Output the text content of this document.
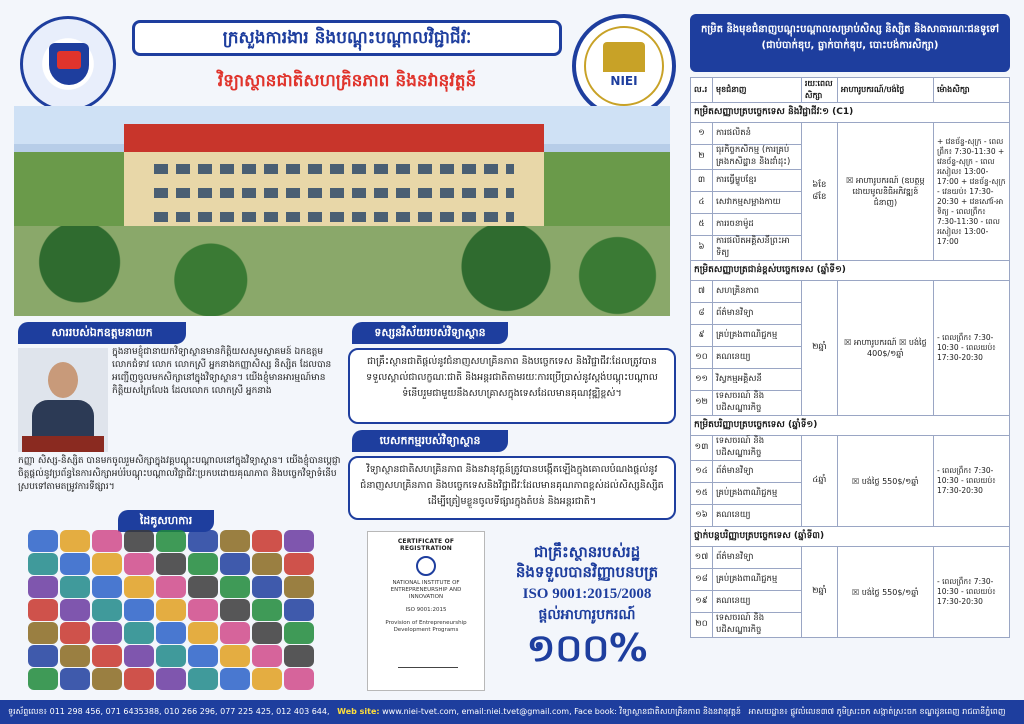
ក្រសួងការងារ និងបណ្តុះបណ្តាលវិជ្ជាជីវៈ
វិទ្យាស្ថានជាតិសហគ្រិនភាព និងនវានុវត្តន៍	NIEI
សាររបស់ឯកឧត្តមនាយក
ក្នុងនាមខ្ញុំជានាយកវិទ្យាស្ថានមានកិត្តិយសសូមស្វាគមន៍ ឯកឧត្តម លោកជំទាវ លោក លោកស្រី អ្នកនាងកញ្ញាសិស្ស និស្សិត ដែលបានអញ្ជើញចូលមកសិក្សានៅក្នុងវិទ្យាស្ថាន។ យើងខ្ញុំមានអារម្មណ៍មានកិត្តិយសក្រៃលែង ដែលលោក លោកស្រី អ្នកនាង
កញ្ញា សិស្ស-និស្សិត បានមកចូលរួមសិក្សាក្នុងវគ្គបណ្តុះបណ្តាលនៅក្នុងវិទ្យាស្ថាន។ យើងខ្ញុំបានប្តេជ្ញាចិត្តផ្តល់នូវប្រព័ន្ធនៃការសិក្សាអប់រំបណ្តុះបណ្តាលវិជ្ជាជីវៈប្រកបដោយគុណភាព និងបច្ចេកវិទ្យាទំនើបស្របទៅតាមតម្រូវការទីផ្សារ។
ទស្សនវិស័យរបស់វិទ្យាស្ថាន
ជាគ្រឹះស្ថានជាតិផ្តល់នូវជំនាញសហគ្រិនភាព និងបច្ចេកទេស និងវិជ្ជាជីវៈដែលត្រូវបានទទួលស្គាល់ជាលក្ខណៈជាតិ និងអន្តរជាតិតាមរយៈការប្រើប្រាស់នូវស្តង់បណ្តុះបណ្តាលទំនើបរួមជាមួយនឹងសហគ្រាសក្នុងទេសដែលមានគុណវុឌ្ឍិខ្ពស់។
បេសកកម្មរបស់វិទ្យាស្ថាន
វិទ្យាស្ថានជាតិសហគ្រិនភាព និងនវានុវត្តន៍ត្រូវបានបង្កើតឡើងក្នុងគោលបំណងផ្តល់នូវជំនាញសហគ្រិនភាព និងបច្ចេកទេសនិងវិជ្ជាជីវៈដែលមានគុណភាពខ្ពស់ដល់សិស្សនិស្សិតដើម្បីត្រៀមខ្លួនចូលទីផ្សារក្នុងតំបន់ និងអន្តរជាតិ។
ដៃគូសហការ
CERTIFICATE OF REGISTRATION
NATIONAL INSTITUTE OF
ENTREPRENEURSHIP AND INNOVATION
ISO 9001:2015
Provision of Entrepreneurship
Development Programs
ជាគ្រឹះស្ថានរបស់រដ្ឋ
និងទទួលបានវិញ្ញាបនបត្រ
ISO 9001:2015/2008
ផ្តល់អាហារូបករណ៍
១០០%
កម្រិត និងមុខជំនាញបណ្តុះបណ្តាលសម្រាប់សិស្ស និស្សិត និងសាធារណៈជនទូទៅ
(ជាប់បាក់ឌុប, ធ្លាក់បាក់ឌុប, បោះបង់ការសិក្សា)
ល.រ	មុខជំនាញ	រយៈពេលសិក្សា	អាហារូបករណ៍/បង់ថ្លៃ	ម៉ោងសិក្សា
កម្រិតសញ្ញាបត្របច្ចេកទេស និងវិជ្ជាជីវៈ១ (C1)				
១	ការផលិតនំ	៦ខែ ៨ខែ	☒ អាហារូបករណ៍ (ឧបត្ថម្ភដោយមូលនិធិអភិវឌ្ឍន៍ជំនាញ)	+ វេនច័ន្ទ-សុក្រ - ពេលព្រឹក៖ 7:30-11:30 + វេនច័ន្ទ-សុក្រ - ពេលរសៀល៖ 13:00-17:00 + វេនច័ន្ទ-សុក្រ - វេនយប់៖ 17:30-20:30 + វេនសៅរ៍-អាទិត្យ - ពេលព្រឹក៖ 7:30-11:30 - ពេលរសៀល៖ 13:00-17:00
២	ធុរកិច្ចកសិកម្ម (ការគ្រប់គ្រងកសិដ្ឋាន និងដាំដុះ)			
៣	ការធ្វើម្ហូបខ្មែរ			
៤	សេវាកម្មសម្អាងកាយ			
៥	ការរចនាម៉ូដ			
៦	ការផលិតអគ្គិសនីព្រះអាទិត្យ			
កម្រិតសញ្ញាបត្រជាន់ខ្ពស់បច្ចេកទេស (ឆ្នាំទី១)				
៧	សហគ្រិនភាព	២ឆ្នាំ	☒ អាហារូបករណ៍ ☒ បង់ថ្លៃ 400$/១ឆ្នាំ	- ពេលព្រឹក៖ 7:30-10:30 - ពេលយប់៖ 17:30-20:30
៨	ព័ត៌មានវិទ្យា			
៩	គ្រប់គ្រងពាណិជ្ជកម្ម			
១០	គណនេយ្យ			
១១	វិស្វកម្មអគ្គិសនី			
១២	ទេសចរណ៍ និងបដិសណ្ឋារកិច្ច			
កម្រិតបរិញ្ញាបត្របច្ចេកទេស (ឆ្នាំទី១)				
១៣	ទេសចរណ៍ និងបដិសណ្ឋារកិច្ច	៤ឆ្នាំ	☒ បង់ថ្លៃ 550$/១ឆ្នាំ	- ពេលព្រឹក៖ 7:30-10:30 - ពេលយប់៖ 17:30-20:30
១៤	ព័ត៌មានវិទ្យា			
១៥	គ្រប់គ្រងពាណិជ្ជកម្ម			
១៦	គណនេយ្យ			
ថ្នាក់បន្តបរិញ្ញាបត្របច្ចេកទេស (ឆ្នាំទី៣)				
១៧	ព័ត៌មានវិទ្យា	២ឆ្នាំ	☒ បង់ថ្លៃ 550$/១ឆ្នាំ	- ពេលព្រឹក៖ 7:30-10:30 - ពេលយប់៖ 17:30-20:30
១៨	គ្រប់គ្រងពាណិជ្ជកម្ម			
១៩	គណនេយ្យ			
២០	ទេសចរណ៍ និងបដិសណ្ឋារកិច្ច			
ទូរស័ព្ទលេខ៖ 011 298 456, 071 6435388, 010 266 296, 077 225 425, 012 403 644, Web site: www.niei-tvet.com, email:niei.tvet@gmail.com, Face book: វិទ្យាស្ថានជាតិសហគ្រិនភាព និងនវានុវត្តន៍ អាសយដ្ឋាន៖ ផ្លូវលំលេខ៣៧ ភូមិស្រះចក សង្កាត់ស្រះចក ខណ្ឌដូនពេញ រាជធានីភ្នំពេញ
